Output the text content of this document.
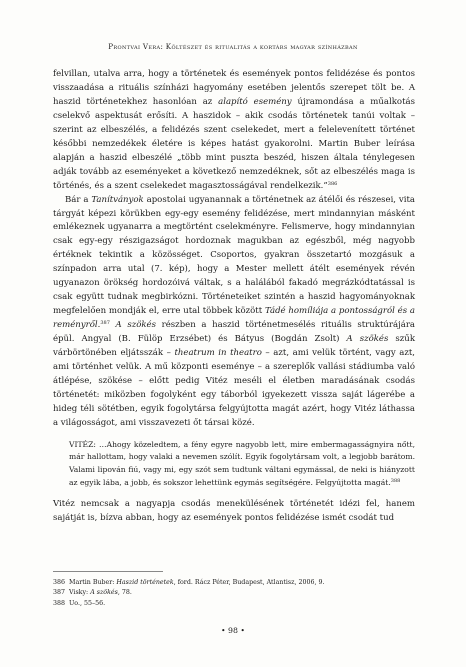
Prontvai Vera: Költészet és ritualitás a kortárs magyar színházban

felvillan, utalva arra, hogy a történetek és események pontos felidézése és pontos visszaadása a rituális színházi hagyomány esetében jelentős szerepet tölt be. A haszid történetekhez hasonlóan az alapító esemény újramondása a műalkotás cselekvő aspektusát erősíti. A haszidok – akik csodás történetek tanúi voltak – szerint az elbeszélés, a felidézés szent cselekedet, mert a felelevenített történet későbbi nemzedékek életére is képes hatást gyakorolni. Martin Buber leírása alapján a haszid elbeszélé „több mint puszta beszéd, hiszen általa ténylegesen adják tovább az eseményeket a következő nemzedéknek, sőt az elbeszélés maga is történés, és a szent cselekedet magasztosságával rendelkezik.”$^{386}$

Bár a Tanítványok apostolai ugyanannak a történetnek az átélői és részesei, vita tárgyát képezi körükben egy-egy esemény felidézése, mert mindannyian másként emlékeznek ugyanarra a megtörtént cselekményre. Felismerve, hogy mindannyian csak egy-egy részigazságot hordoznak magukban az egészből, még nagyobb értéknek tekintik a közösséget. Csoportos, gyakran összetartó mozgásuk a színpadon arra utal (7. kép), hogy a Mester mellett átélt események révén ugyanazon örökség hordozóivá váltak, s a halálából fakadó megrázkódtatással is csak együtt tudnak megbirkózni. Történeteiket szintén a haszid hagyományoknak megfelelően mondják el, erre utal többek között Tádé homíliája a pontosságról és a reményről.$^{387}$ A szökés részben a haszid történetmesélés rituális struktúrájára épül. Angyal (B. Fülöp Erzsébet) és Bátyus (Bogdán Zsolt) A szökés szűk várbörtönében eljátsszák – theatrum in theatro – azt, ami velük történt, vagy azt, ami történhet velük. A mű központi eseménye – a szereplők vallási stádiumba való átlépése, szökése – előtt pedig Vitéz meséli el életben maradásának csodás történetét: miközben fogolyként egy táborból igyekezett vissza saját lágerébe a hideg téli sötétben, egyik fogolytársa felgyújtotta magát azért, hogy Vitéz láthassa a világosságot, ami visszavezeti őt társai közé.

VITÉZ: …Ahogy közeledtem, a fény egyre nagyobb lett, mire embermagasságnyira nőtt, már hallottam, hogy valaki a nevemen szólít. Egyik fogolytársam volt, a legjobb barátom. Valami lipován fiú, vagy mi, egy szót sem tudtunk váltani egymással, de neki is hiányzott az egyik lába, a jobb, és sokszor lehettünk egymás segítségére. Felgyújtotta magát.$^{388}$

Vitéz nemcsak a nagyapja csodás menekülésének történetét idézi fel, hanem sajátját is, bízva abban, hogy az események pontos felidézése ismét csodát tud

386 Martin Buber: Haszid történetek, ford. Rácz Péter, Budapest, Atlantisz, 2006, 9.
387 Visky: A szökés, 78.
388 Uo., 55–56.
• 98 •
